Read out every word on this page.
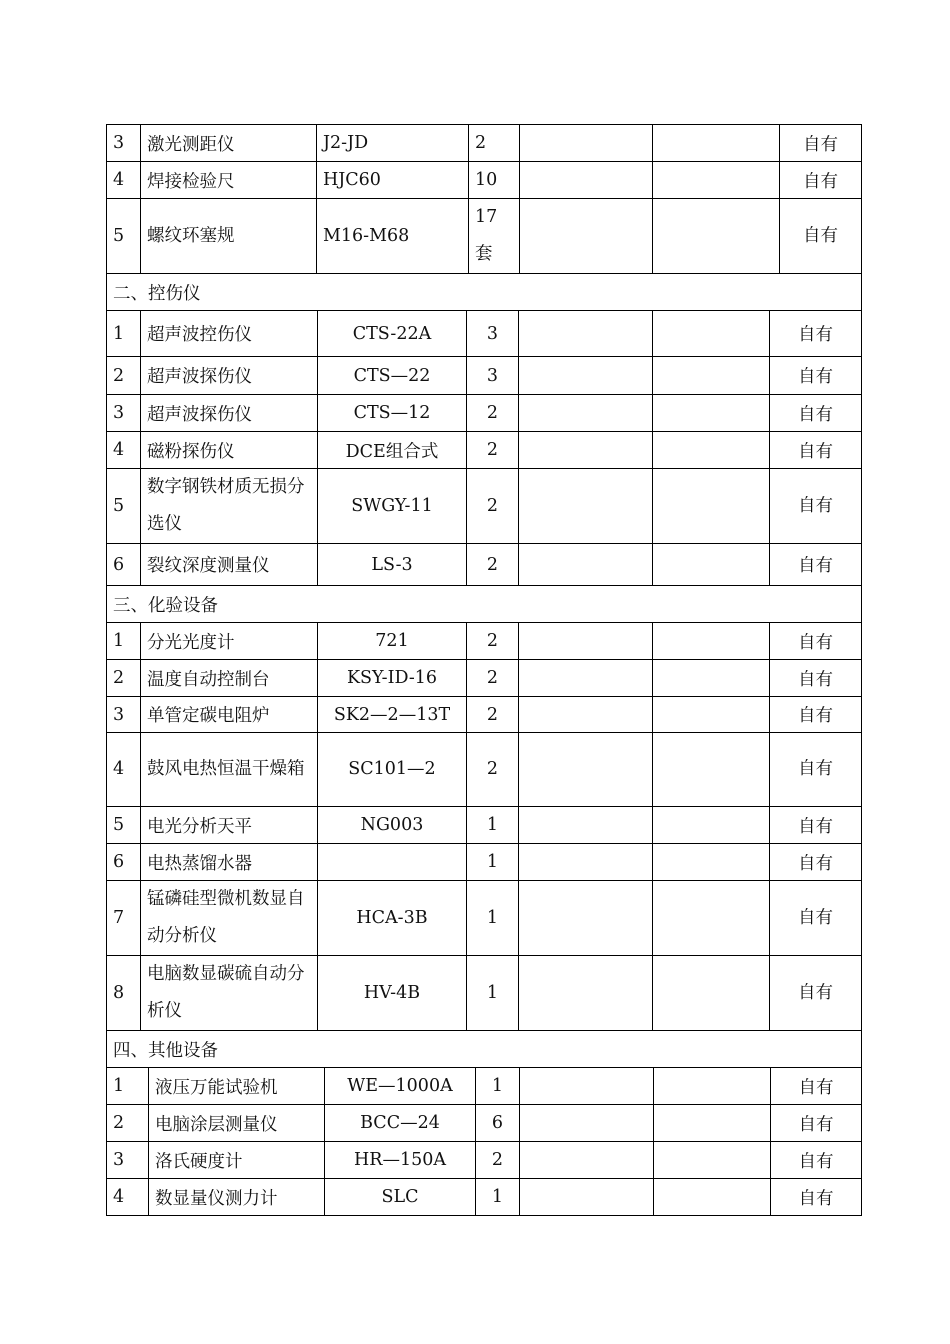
3	激光测距仪	J2-JD	2			自有
4	焊接检验尺	HJC60	10			自有
5	螺纹环塞规	M16-M68	17套			自有
二、控伤仪						
1	超声波控伤仪	CTS-22A	3			自有
2	超声波探伤仪	CTS—22	3			自有
3	超声波探伤仪	CTS—12	2			自有
4	磁粉探伤仪	DCE组合式	2			自有
5	数字钢铁材质无损分选仪	SWGY-11	2			自有
6	裂纹深度测量仪	LS-3	2			自有
三、化验设备						
1	分光光度计	721	2			自有
2	温度自动控制台	KSY-ID-16	2			自有
3	单管定碳电阻炉	SK2—2—13T	2			自有
4	鼓风电热恒温干燥箱	SC101—2	2			自有
5	电光分析天平	NG003	1			自有
6	电热蒸馏水器		1			自有
7	锰磷硅型微机数显自动分析仪	HCA-3B	1			自有
8	电脑数显碳硫自动分析仪	HV-4B	1			自有
四、其他设备						
1	液压万能试验机	WE—1000A	1			自有
2	电脑涂层测量仪	BCC—24	6			自有
3	洛氏硬度计	HR—150A	2			自有
4	数显量仪测力计	SLC	1			自有
